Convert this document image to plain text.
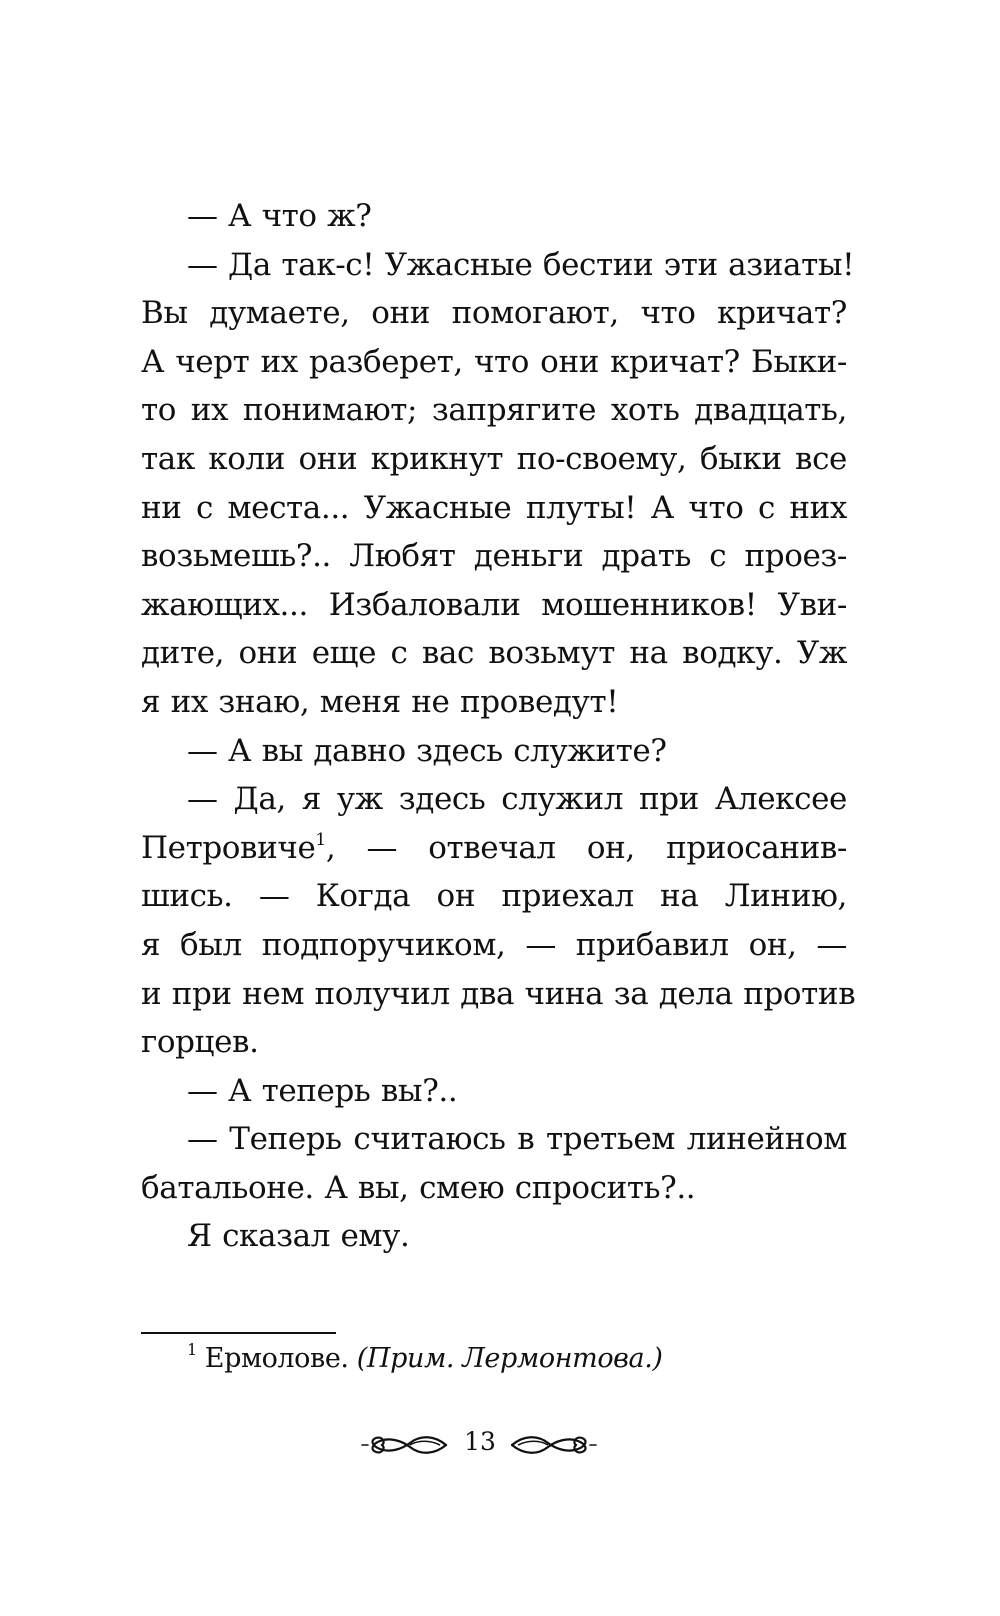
— А что ж?

— Да так-с! Ужасные бестии эти азиаты!
Вы думаете, они помогают, что кричат?
А черт их разберет, что они кричат? Быки-
то их понимают; запрягите хоть двадцать,
так коли они крикнут по-своему, быки все
ни с места... Ужасные плуты! А что с них
возьмешь?.. Любят деньги драть с проез-
жающих... Избаловали мошенников! Уви-
дите, они еще с вас возьмут на водку. Уж
я их знаю, меня не проведут!

— А вы давно здесь служите?

— Да, я уж здесь служил при Алексее
Петровиче$^1$, — отвечал он, приосанив-
шись. — Когда он приехал на Линию,
я был подпоручиком, — прибавил он, —
и при нем получил два чина за дела против
горцев.

— А теперь вы?..

— Теперь считаюсь в третьем линейном
батальоне. А вы, смею спросить?..

Я сказал ему.

$^1$ Ермолове. (Прим. Лермонтова.)
13
